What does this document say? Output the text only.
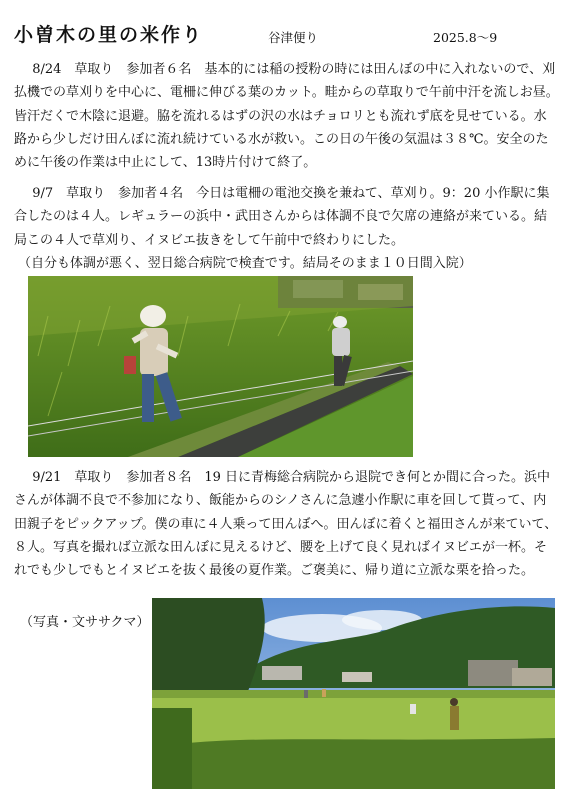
小曽木の里の米作り	谷津便り	2025.8〜9

8/24　草取り　参加者６名　基本的には稲の授粉の時には田んぼの中に入れないので、刈払機での草刈りを中心に、電柵に伸びる葉のカット。畦からの草取りで午前中汗を流しお昼。皆汗だくで木陰に退避。脇を流れるはずの沢の水はチョロリとも流れず底を見せている。水路から少しだけ田んぼに流れ続けている水が救い。この日の午後の気温は３８℃。安全のために午後の作業は中止にして、13時片付けて終了。

9/7　草取り　参加者４名　今日は電柵の電池交換を兼ねて、草刈り。9：20 小作駅に集合したのは４人。レギュラーの浜中・武田さんからは体調不良で欠席の連絡が来ている。結局この４人で草刈り、イヌビエ抜きをして午前中で終わりにした。

（自分も体調が悪く、翌日総合病院で検査です。結局そのまま１０日間入院）

9/21　草取り　参加者８名　19 日に青梅総合病院から退院でき何とか間に合った。浜中さんが体調不良で不参加になり、飯能からのシノさんに急遽小作駅に車を回して貰って、内田親子をピックアップ。僕の車に４人乗って田んぼへ。田んぼに着くと福田さんが来ていて、８人。写真を撮れば立派な田んぼに見えるけど、腰を上げて良く見ればイヌビエが一杯。それでも少しでもとイヌビエを抜く最後の夏作業。ご褒美に、帰り道に立派な栗を拾った。

（写真・文ササクマ）
